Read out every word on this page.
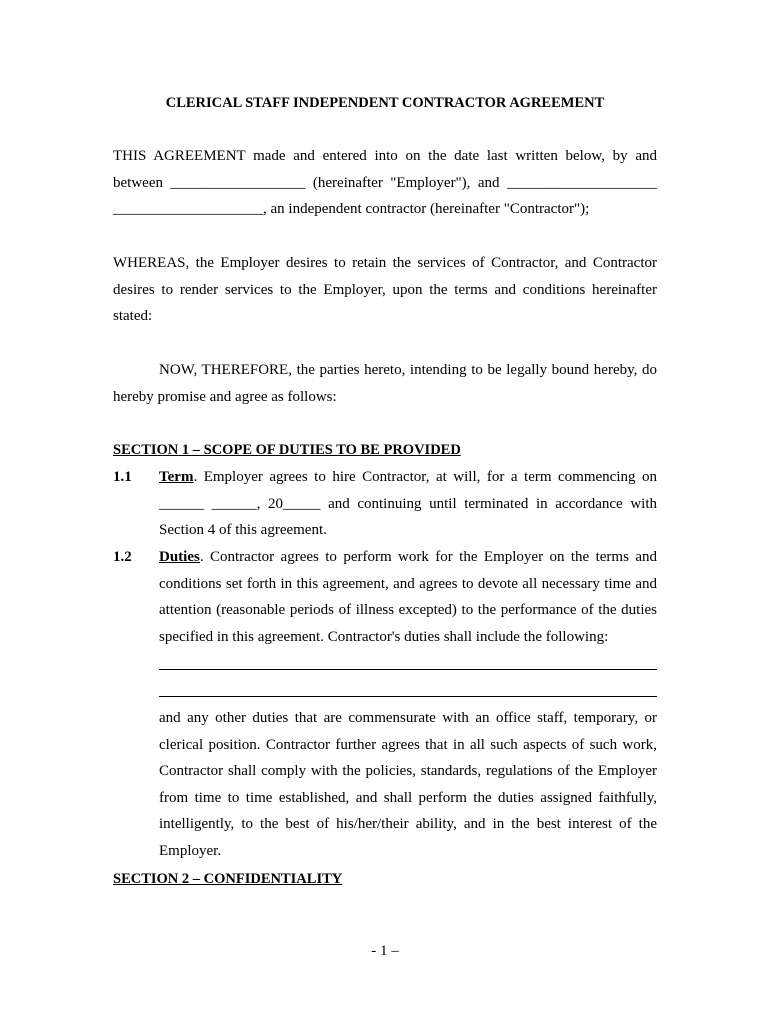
CLERICAL STAFF INDEPENDENT CONTRACTOR AGREEMENT
THIS AGREEMENT made and entered into on the date last written below, by and
between __________________ (hereinafter "Employer"), and ____________________
____________________, an independent contractor (hereinafter "Contractor");
WHEREAS, the Employer desires to retain the services of Contractor, and Contractor
desires to render services to the Employer, upon the terms and conditions hereinafter
stated:
NOW, THEREFORE, the parties hereto, intending to be legally bound hereby, do
hereby promise and agree as follows:
SECTION 1 – SCOPE OF DUTIES TO BE PROVIDED
1.1 Term. Employer agrees to hire Contractor, at will, for a term commencing on
______ ______, 20_____ and continuing until terminated in accordance with
Section 4 of this agreement.
1.2 Duties. Contractor agrees to perform work for the Employer on the terms and
conditions set forth in this agreement, and agrees to devote all necessary time and
attention (reasonable periods of illness excepted) to the performance of the duties
specified in this agreement. Contractor's duties shall include the following:
and any other duties that are commensurate with an office staff, temporary, or
clerical position. Contractor further agrees that in all such aspects of such work,
Contractor shall comply with the policies, standards, regulations of the Employer
from time to time established, and shall perform the duties assigned faithfully,
intelligently, to the best of his/her/their ability, and in the best interest of the
Employer.
SECTION 2 – CONFIDENTIALITY
- 1 –
